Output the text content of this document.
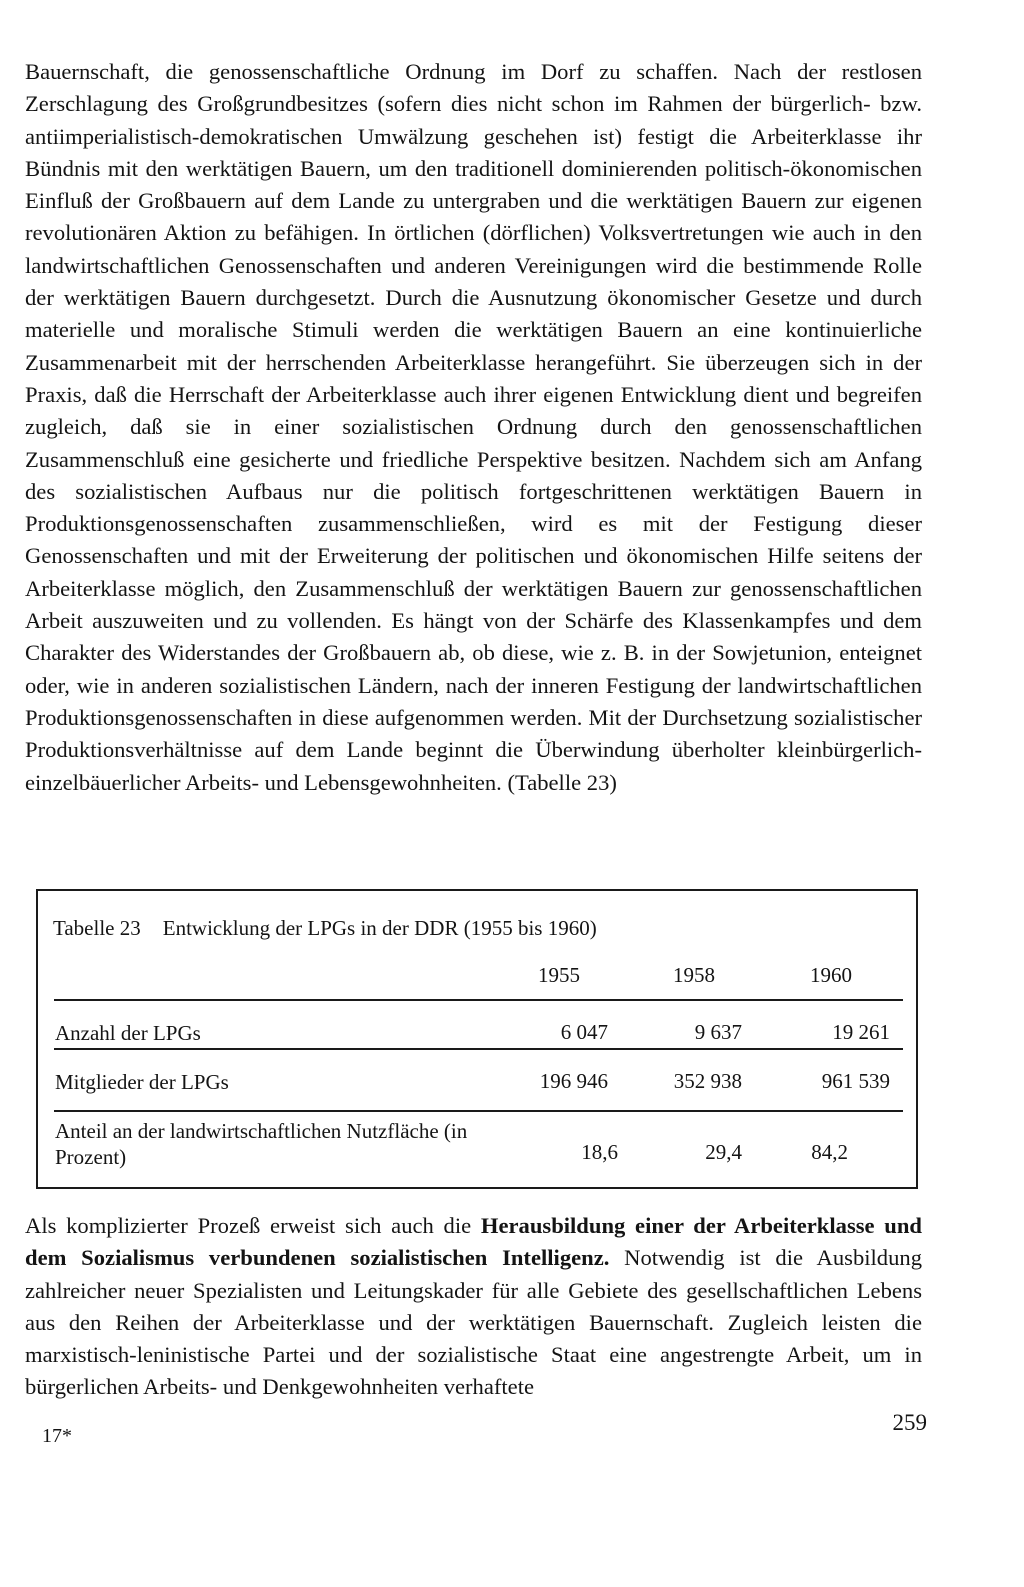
Bauernschaft, die genossenschaftliche Ordnung im Dorf zu schaffen. Nach der restlosen Zerschlagung des Großgrundbesitzes (sofern dies nicht schon im Rahmen der bürgerlich- bzw. antiimperialistisch-demokratischen Umwälzung geschehen ist) festigt die Arbeiterklasse ihr Bündnis mit den werktätigen Bauern, um den traditionell dominierenden politisch-ökonomischen Einfluß der Großbauern auf dem Lande zu untergraben und die werktätigen Bauern zur eigenen revolutionären Aktion zu befähigen. In örtlichen (dörflichen) Volksvertretungen wie auch in den landwirtschaftlichen Genossenschaften und anderen Vereinigungen wird die bestimmende Rolle der werktätigen Bauern durchgesetzt. Durch die Ausnutzung ökonomischer Gesetze und durch materielle und moralische Stimuli werden die werktätigen Bauern an eine kontinuierliche Zusammenarbeit mit der herrschenden Arbeiterklasse herangeführt. Sie überzeugen sich in der Praxis, daß die Herrschaft der Arbeiterklasse auch ihrer eigenen Entwicklung dient und begreifen zugleich, daß sie in einer sozialistischen Ordnung durch den genossenschaftlichen Zusammenschluß eine gesicherte und friedliche Perspektive besitzen. Nachdem sich am Anfang des sozialistischen Aufbaus nur die politisch fortgeschrittenen werktätigen Bauern in Produktionsgenossenschaften zusammenschließen, wird es mit der Festigung dieser Genossenschaften und mit der Erweiterung der politischen und ökonomischen Hilfe seitens der Arbeiterklasse möglich, den Zusammenschluß der werktätigen Bauern zur genossenschaftlichen Arbeit auszuweiten und zu vollenden. Es hängt von der Schärfe des Klassenkampfes und dem Charakter des Widerstandes der Großbauern ab, ob diese, wie z. B. in der Sowjetunion, enteignet oder, wie in anderen sozialistischen Ländern, nach der inneren Festigung der landwirtschaftlichen Produktionsgenossenschaften in diese aufgenommen werden. Mit der Durchsetzung sozialistischer Produktionsverhältnisse auf dem Lande beginnt die Überwindung überholter kleinbürgerlich-einzelbäuerlicher Arbeits- und Lebensgewohnheiten. (Tabelle 23)

Tabelle 23 Entwicklung der LPGs in der DDR (1955 bis 1960)
1955	1958	1960
Anzahl der LPGs	6 047	9 637	19 261
Mitglieder der LPGs	196 946	352 938	961 539
Anteil an der landwirtschaftlichen Nutzfläche (in Prozent)	18,6	29,4	84,2

Als komplizierter Prozeß erweist sich auch die Herausbildung einer der Arbeiterklasse und dem Sozialismus verbundenen sozialistischen Intelligenz. Notwendig ist die Ausbildung zahlreicher neuer Spezialisten und Leitungskader für alle Gebiete des gesellschaftlichen Lebens aus den Reihen der Arbeiterklasse und der werktätigen Bauernschaft. Zugleich leisten die marxistisch-leninistische Partei und der sozialistische Staat eine angestrengte Arbeit, um in bürgerlichen Arbeits- und Denkgewohnheiten verhaftete

17*
259
